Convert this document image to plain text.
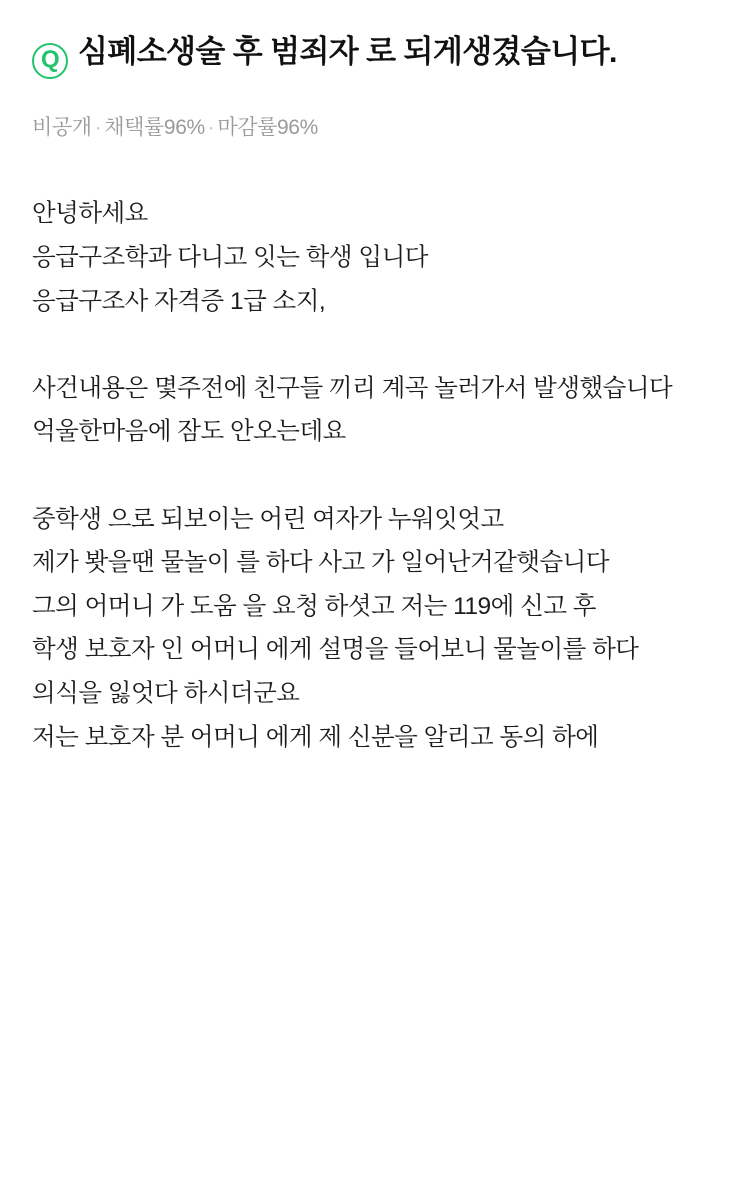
Q 심폐소생술 후 범죄자 로 되게생겼습니다.
비공개 · 채택률96% · 마감률96%

안녕하세요

응급구조학과 다니고 잇는 학생 입니다

응급구조사 자격증 1급 소지,

사건내용은 몇주전에 친구들 끼리 계곡 놀러가서 발생했습니다

억울한마음에 잠도 안오는데요

중학생 으로 되보이는 어린 여자가 누워잇엇고

제가 봣을땐 물놀이 를 하다 사고 가 일어난거같햇습니다

그의 어머니 가 도움 을 요청 하셧고 저는 119에 신고 후

학생 보호자 인 어머니 에게 설명을 들어보니 물놀이를 하다

의식을 잃엇다 하시더군요

저는 보호자 분 어머니 에게 제 신분을 알리고 동의 하에
